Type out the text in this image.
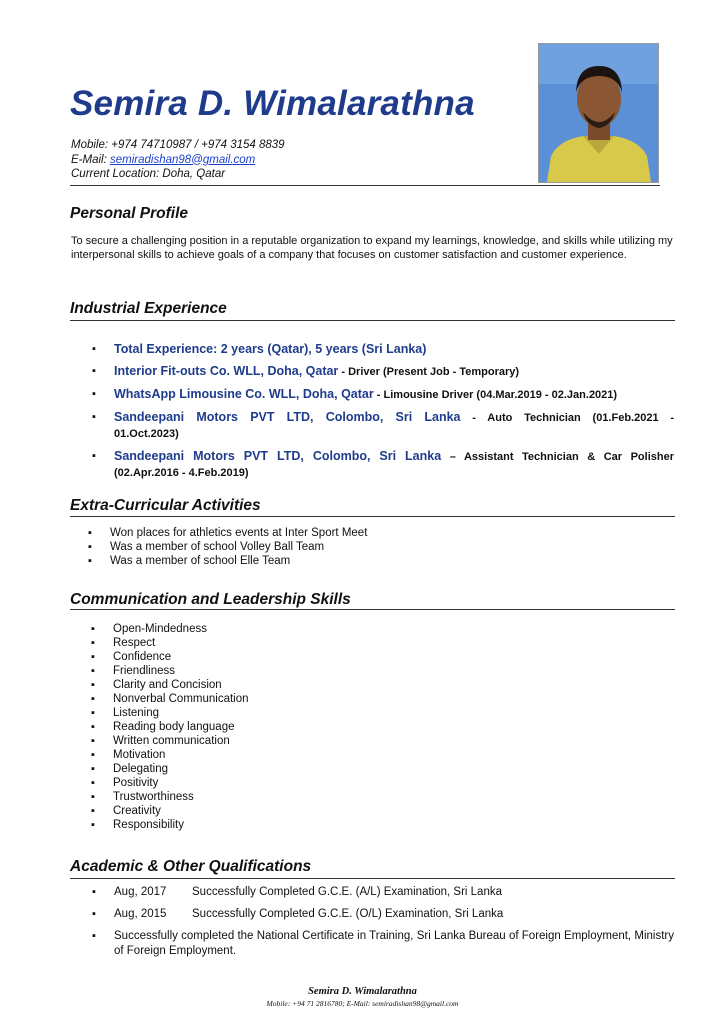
Semira D. Wimalarathna
Mobile: +974 74710987 / +974 3154 8839
E-Mail: semiradishan98@gmail.com
Current Location: Doha, Qatar
Personal Profile

To secure a challenging position in a reputable organization to expand my learnings, knowledge, and skills while utilizing my interpersonal skills to achieve goals of a company that focuses on customer satisfaction and customer experience.

Industrial Experience
▪ Total Experience: 2 years (Qatar), 5 years (Sri Lanka)
▪ Interior Fit-outs Co. WLL, Doha, Qatar - Driver (Present Job - Temporary)
▪ WhatsApp Limousine Co. WLL, Doha, Qatar - Limousine Driver (04.Mar.2019 - 02.Jan.2021)
▪ Sandeepani Motors PVT LTD, Colombo, Sri Lanka - Auto Technician (01.Feb.2021 -
01.Oct.2023)
▪ Sandeepani Motors PVT LTD, Colombo, Sri Lanka – Assistant Technician & Car Polisher
(02.Apr.2016 - 4.Feb.2019)
Extra-Curricular Activities
▪ Won places for athletics events at Inter Sport Meet
▪ Was a member of school Volley Ball Team
▪ Was a member of school Elle Team
Communication and Leadership Skills
▪ Open-Mindedness
▪ Respect
▪ Confidence
▪ Friendliness
▪ Clarity and Concision
▪ Nonverbal Communication
▪ Listening
▪ Reading body language
▪ Written communication
▪ Motivation
▪ Delegating
▪ Positivity
▪ Trustworthiness
▪ Creativity
▪ Responsibility
Academic & Other Qualifications
▪ Aug, 2017 Successfully Completed G.C.E. (A/L) Examination, Sri Lanka
▪ Aug, 2015 Successfully Completed G.C.E. (O/L) Examination, Sri Lanka
▪ Successfully completed the National Certificate in Training, Sri Lanka Bureau of Foreign Employment, Ministry of Foreign Employment.
Semira D. Wimalarathna
Mobile: +94 71 2816780; E-Mail: semiradishan98@gmail.com
